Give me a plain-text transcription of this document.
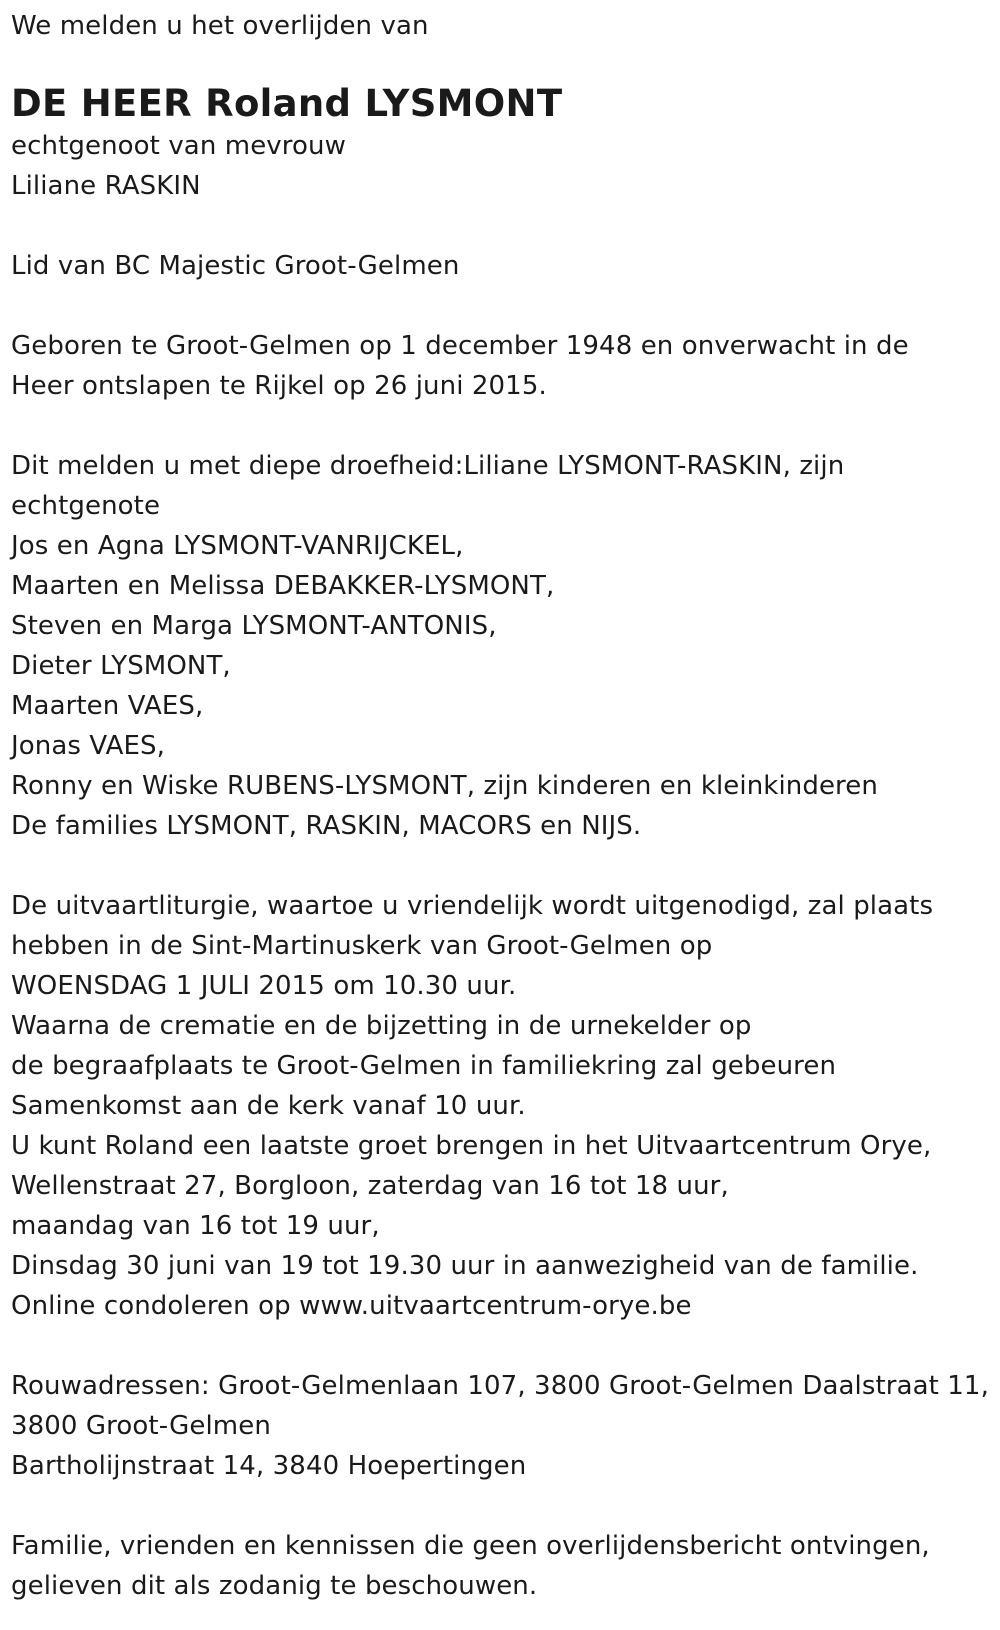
We melden u het overlijden van
DE HEER Roland LYSMONT
echtgenoot van mevrouw
Liliane RASKIN
Lid van BC Majestic Groot-Gelmen
Geboren te Groot-Gelmen op 1 december 1948 en onverwacht in de
Heer ontslapen te Rijkel op 26 juni 2015.
Dit melden u met diepe droefheid:Liliane LYSMONT-RASKIN, zijn
echtgenote
Jos en Agna LYSMONT-VANRIJCKEL,
Maarten en Melissa DEBAKKER-LYSMONT,
Steven en Marga LYSMONT-ANTONIS,
Dieter LYSMONT,
Maarten VAES,
Jonas VAES,
Ronny en Wiske RUBENS-LYSMONT, zijn kinderen en kleinkinderen
De families LYSMONT, RASKIN, MACORS en NIJS.
De uitvaartliturgie, waartoe u vriendelijk wordt uitgenodigd, zal plaats
hebben in de Sint-Martinuskerk van Groot-Gelmen op
WOENSDAG 1 JULI 2015 om 10.30 uur.
Waarna de crematie en de bijzetting in de urnekelder op
de begraafplaats te Groot-Gelmen in familiekring zal gebeuren
Samenkomst aan de kerk vanaf 10 uur.
U kunt Roland een laatste groet brengen in het Uitvaartcentrum Orye,
Wellenstraat 27, Borgloon, zaterdag van 16 tot 18 uur,
maandag van 16 tot 19 uur,
Dinsdag 30 juni van 19 tot 19.30 uur in aanwezigheid van de familie.
Online condoleren op www.uitvaartcentrum-orye.be
Rouwadressen: Groot-Gelmenlaan 107, 3800 Groot-Gelmen Daalstraat 11,
3800 Groot-Gelmen
Bartholijnstraat 14, 3840 Hoepertingen
Familie, vrienden en kennissen die geen overlijdensbericht ontvingen,
gelieven dit als zodanig te beschouwen.
